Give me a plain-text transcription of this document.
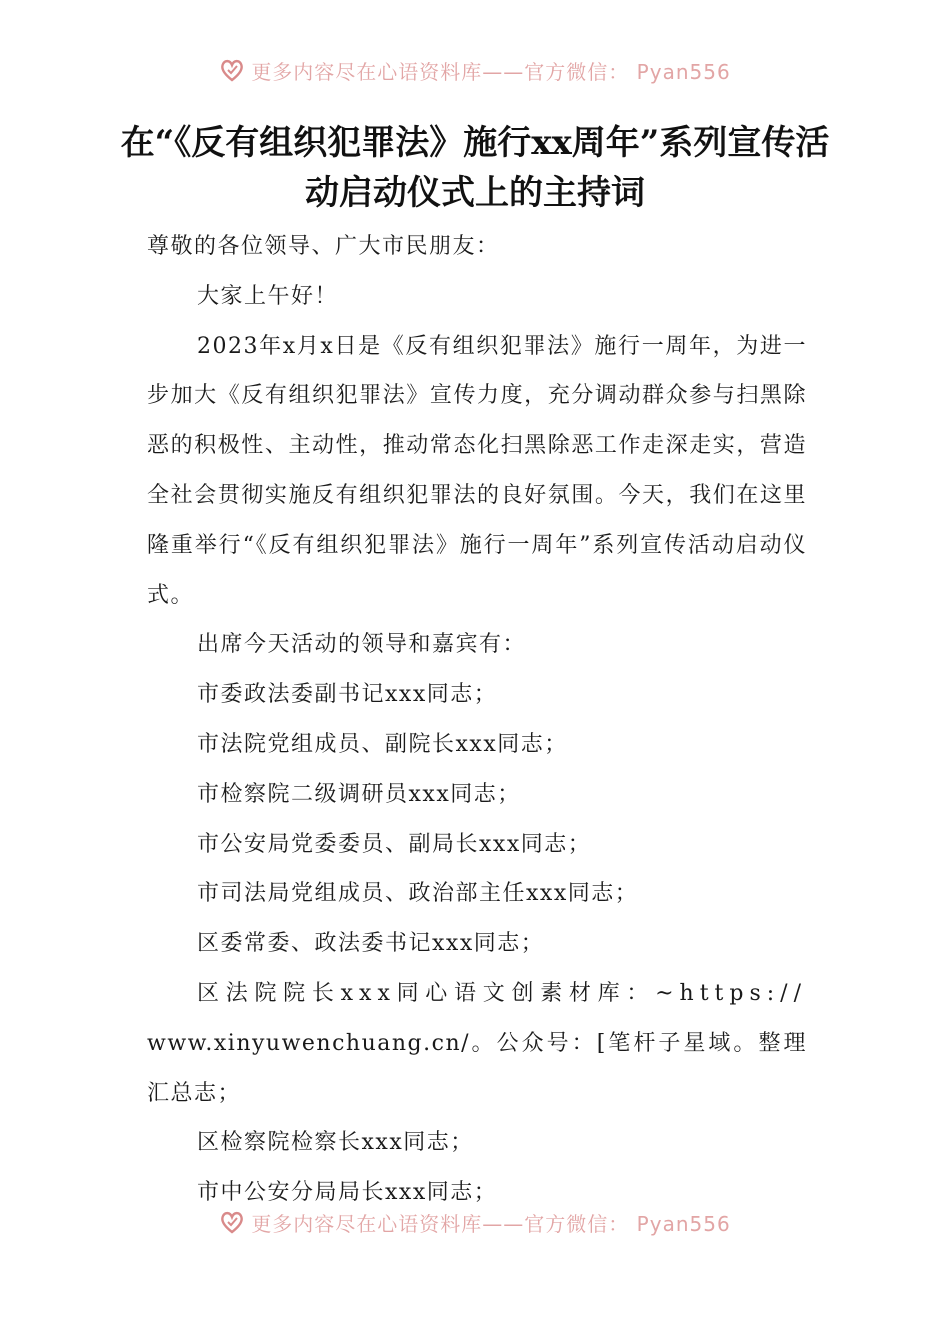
更多内容尽在心语资料库——官方微信： Pyan556
在“《反有组织犯罪法》施行xx周年”系列宣传活动启动仪式上的主持词

尊敬的各位领导、广大市民朋友：

大家上午好！

2023年x月x日是《反有组织犯罪法》施行一周年，为进一步加大《反有组织犯罪法》宣传力度，充分调动群众参与扫黑除恶的积极性、主动性，推动常态化扫黑除恶工作走深走实，营造全社会贯彻实施反有组织犯罪法的良好氛围。今天，我们在这里隆重举行“《反有组织犯罪法》施行一周年”系列宣传活动启动仪式。

出席今天活动的领导和嘉宾有：

市委政法委副书记xxx同志；

市法院党组成员、副院长xxx同志；

市检察院二级调研员xxx同志；

市公安局党委委员、副局长xxx同志；

市司法局党组成员、政治部主任xxx同志；

区委常委、政法委书记xxx同志；

区法院院长xxx同心语文创素材库：~https://

www.xinyuwenchuang.cn/。公众号：[笔杆子星域。整理汇总志；

区检察院检察长xxx同志；

市中公安分局局长xxx同志；

更多内容尽在心语资料库——官方微信： Pyan556
